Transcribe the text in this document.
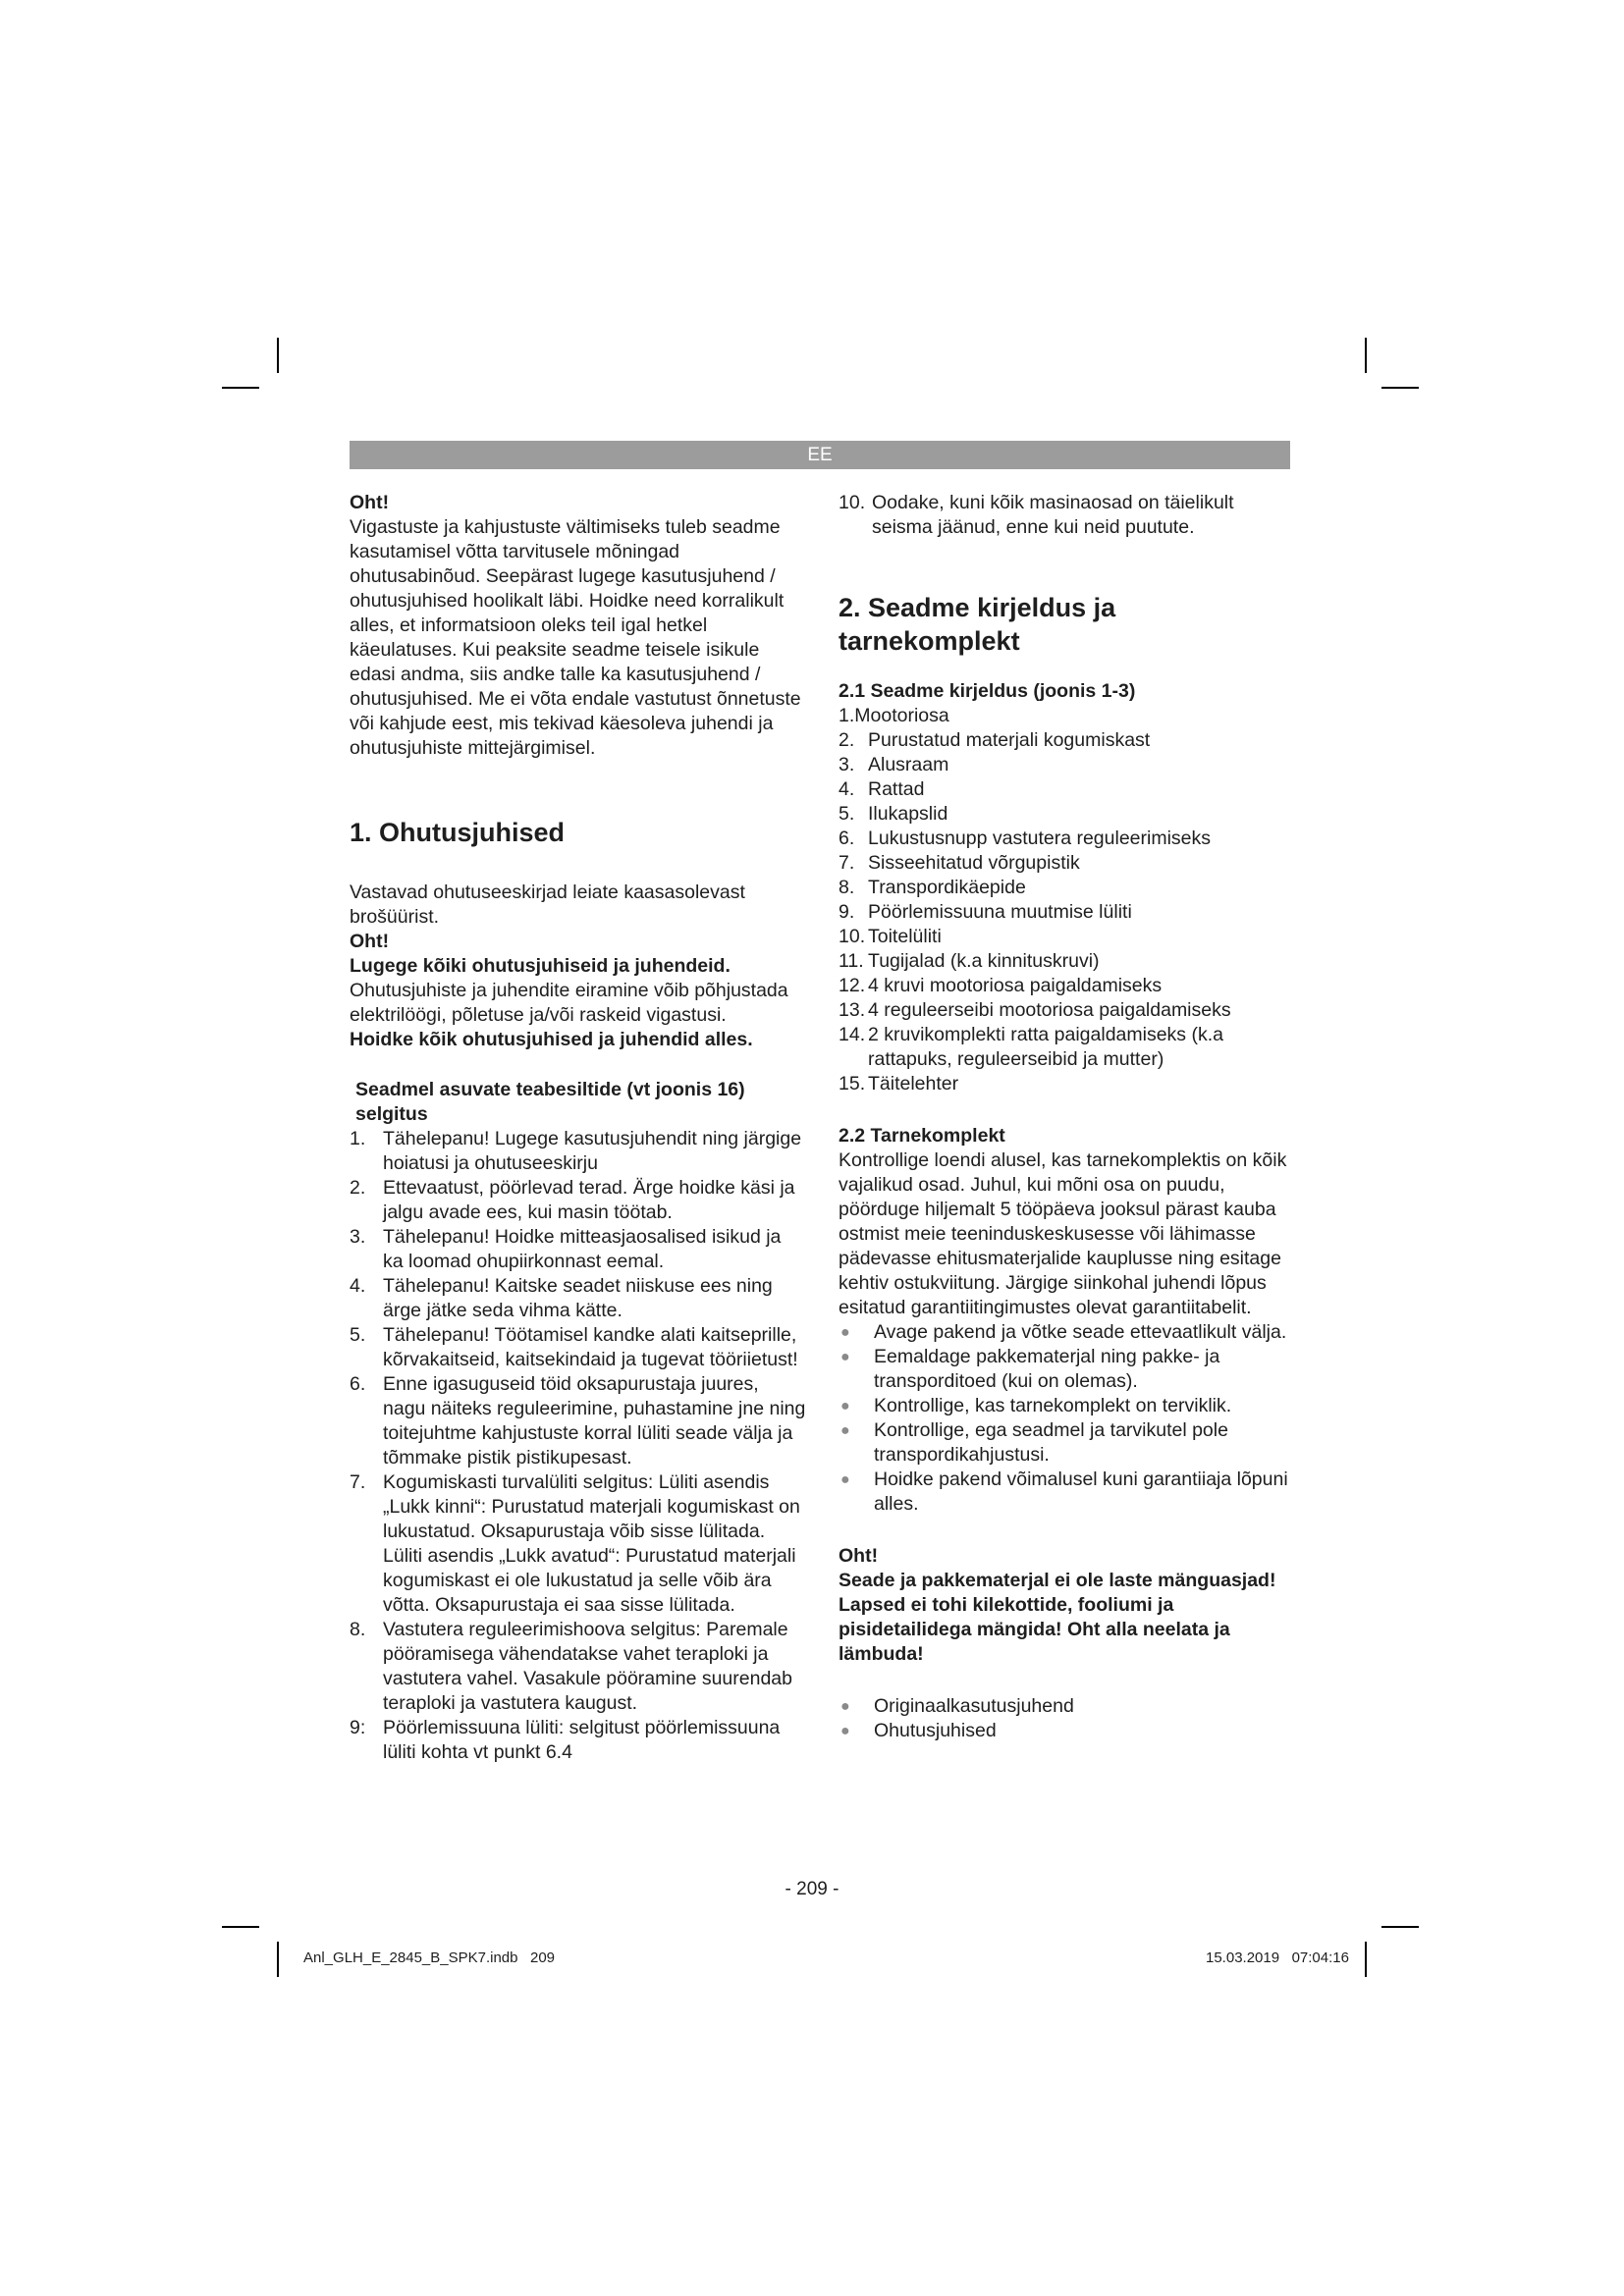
EE

Oht!

Vigastuste ja kahjustuste vältimiseks tuleb seadme kasutamisel võtta tarvitusele mõningad ohutusabinõud. Seepärast lugege kasutusjuhend / ohutusjuhised hoolikalt läbi. Hoidke need korralikult alles, et informatsioon oleks teil igal hetkel käeulatuses. Kui peaksite seadme teisele isikule edasi andma, siis andke talle ka kasutusjuhend / ohutusjuhised. Me ei võta endale vastutust õnnetuste või kahjude eest, mis tekivad käesoleva juhendi ja ohutusjuhiste mittejärgimisel.

1. Ohutusjuhised

Vastavad ohutuseeskirjad leiate kaasasolevast brošüürist.

Oht!

Lugege kõiki ohutusjuhiseid ja juhendeid.

Ohutusjuhiste ja juhendite eiramine võib põhjustada elektrilöögi, põletuse ja/või raskeid vigastusi.

Hoidke kõik ohutusjuhised ja juhendid alles.

Seadmel asuvate teabesiltide (vt joonis 16) selgitus
1. Tähelepanu! Lugege kasutusjuhendit ning järgige hoiatusi ja ohutuseeskirju
2. Ettevaatust, pöörlevad terad. Ärge hoidke käsi ja jalgu avade ees, kui masin töötab.
3. Tähelepanu! Hoidke mitteasjaosalised isikud ja ka loomad ohupiirkonnast eemal.
4. Tähelepanu! Kaitske seadet niiskuse ees ning ärge jätke seda vihma kätte.
5. Tähelepanu! Töötamisel kandke alati kaitseprille, kõrvakaitseid, kaitsekindaid ja tugevat tööriietust!
6. Enne igasuguseid töid oksapurustaja juures, nagu näiteks reguleerimine, puhastamine jne ning toitejuhtme kahjustuste korral lüliti seade välja ja tõmmake pistik pistikupesast.
7. Kogumiskasti turvalüliti selgitus: Lüliti asendis „Lukk kinni“: Purustatud materjali kogumiskast on lukustatud. Oksapurustaja võib sisse lülitada. Lüliti asendis „Lukk avatud“: Purustatud materjali kogumiskast ei ole lukustatud ja selle võib ära võtta. Oksapurustaja ei saa sisse lülitada.
8. Vastutera reguleerimishoova selgitus: Paremale pööramisega vähendatakse vahet teraploki ja vastutera vahel. Vasakule pööramine suurendab teraploki ja vastutera kaugust.
9: Pöörlemissuuna lüliti: selgitust pöörlemissuuna lüliti kohta vt punkt 6.4
10. Oodake, kuni kõik masinaosad on täielikult seisma jäänud, enne kui neid puutute.
2. Seadme kirjeldus ja tarnekomplekt
2.1 Seadme kirjeldus (joonis 1-3)
1.Mootoriosa
2. Purustatud materjali kogumiskast
3. Alusraam
4. Rattad
5. Ilukapslid
6. Lukustusnupp vastutera reguleerimiseks
7. Sisseehitatud võrgupistik
8. Transpordikäepide
9. Pöörlemissuuna muutmise lüliti
10. Toitelüliti
11. Tugijalad (k.a kinnituskruvi)
12. 4 kruvi mootoriosa paigaldamiseks
13. 4 reguleerseibi mootoriosa paigaldamiseks
14. 2 kruvikomplekti ratta paigaldamiseks (k.a rattapuks, reguleerseibid ja mutter)
15. Täitelehter
2.2 Tarnekomplekt

Kontrollige loendi alusel, kas tarnekomplektis on kõik vajalikud osad. Juhul, kui mõni osa on puudu, pöörduge hiljemalt 5 tööpäeva jooksul pärast kauba ostmist meie teeninduskeskusesse või lähimasse pädevasse ehitusmaterjalide kauplusse ning esitage kehtiv ostukviitung. Järgige siinkohal juhendi lõpus esitatud garantiitingimustes olevat garantiitabelit.

● Avage pakend ja võtke seade ettevaatlikult välja.
● Eemaldage pakkematerjal ning pakke- ja transporditoed (kui on olemas).
● Kontrollige, kas tarnekomplekt on terviklik.
● Kontrollige, ega seadmel ja tarvikutel pole transpordikahjustusi.
● Hoidke pakend võimalusel kuni garantiiaja lõpuni alles.

Oht!

Seade ja pakkematerjal ei ole laste mänguasjad! Lapsed ei tohi kilekottide, fooliumi ja pisidetailidega mängida! Oht alla neelata ja lämbuda!

● Originaalkasutusjuhend
● Ohutusjuhised
- 209 -
Anl_GLH_E_2845_B_SPK7.indb   209	15.03.2019   07:04:16
